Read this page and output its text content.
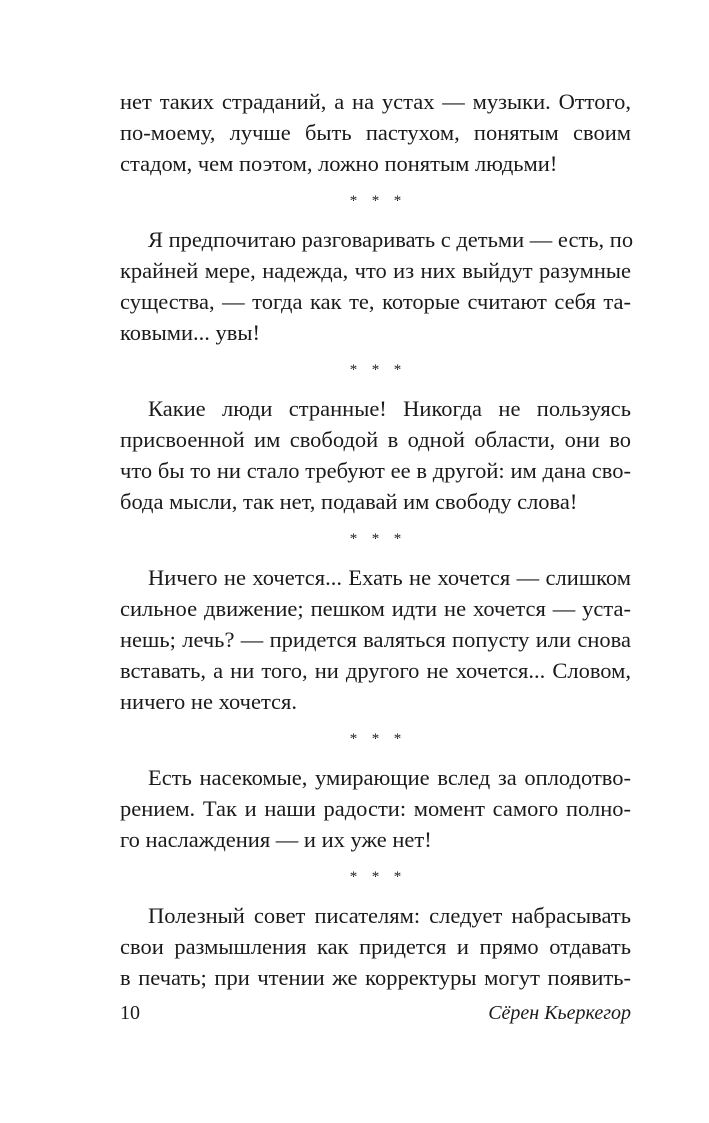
нет таких страданий, а на устах — музыки. Оттого,
по-моему, лучше быть пастухом, понятым своим
стадом, чем поэтом, ложно понятым людьми!
* * *
Я предпочитаю разговаривать с детьми — есть, по
крайней мере, надежда, что из них выйдут разумные
существа, — тогда как те, которые считают себя та-
ковыми... увы!
* * *
Какие люди странные! Никогда не пользуясь
присвоенной им свободой в одной области, они во
что бы то ни стало требуют ее в другой: им дана сво-
бода мысли, так нет, подавай им свободу слова!
* * *
Ничего не хочется... Ехать не хочется — слишком
сильное движение; пешком идти не хочется — уста-
нешь; лечь? — придется валяться попусту или снова
вставать, а ни того, ни другого не хочется... Словом,
ничего не хочется.
* * *
Есть насекомые, умирающие вслед за оплодотво-
рением. Так и наши радости: момент самого полно-
го наслаждения — и их уже нет!
* * *
Полезный совет писателям: следует набрасывать
свои размышления как придется и прямо отдавать
в печать; при чтении же корректуры могут появить-
10	Сёрен Кьеркегор
